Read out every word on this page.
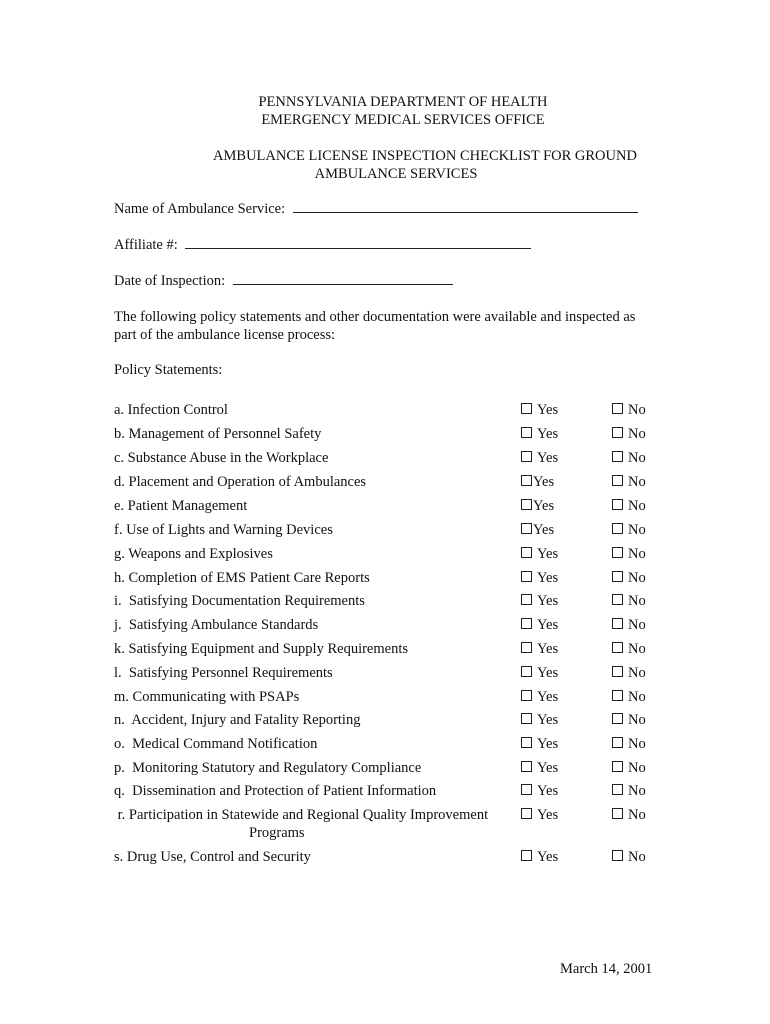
PENNSYLVANIA DEPARTMENT OF HEALTH
EMERGENCY MEDICAL SERVICES OFFICE
AMBULANCE LICENSE INSPECTION CHECKLIST FOR GROUND
AMBULANCE SERVICES
Name of Ambulance Service:
Affiliate #:
Date of Inspection:
The following policy statements and other documentation were available and inspected as
part of the ambulance license process:
Policy Statements:
a. Infection Control	Yes	No
b. Management of Personnel Safety	Yes	No
c. Substance Abuse in the Workplace	Yes	No
d. Placement and Operation of Ambulances	Yes	No
e. Patient Management	Yes	No
f. Use of Lights and Warning Devices	Yes	No
g. Weapons and Explosives	Yes	No
h. Completion of EMS Patient Care Reports	Yes	No
i.  Satisfying Documentation Requirements	Yes	No
j.  Satisfying Ambulance Standards	Yes	No
k. Satisfying Equipment and Supply Requirements	Yes	No
l.  Satisfying Personnel Requirements	Yes	No
m. Communicating with PSAPs	Yes	No
n.  Accident, Injury and Fatality Reporting	Yes	No
o.  Medical Command Notification	Yes	No
p.  Monitoring Statutory and Regulatory Compliance	Yes	No
q.  Dissemination and Protection of Patient Information	Yes	No
r. Participation in Statewide and Regional Quality Improvement
Programs
Yes	No
s. Drug Use, Control and Security	Yes	No
March 14, 2001
